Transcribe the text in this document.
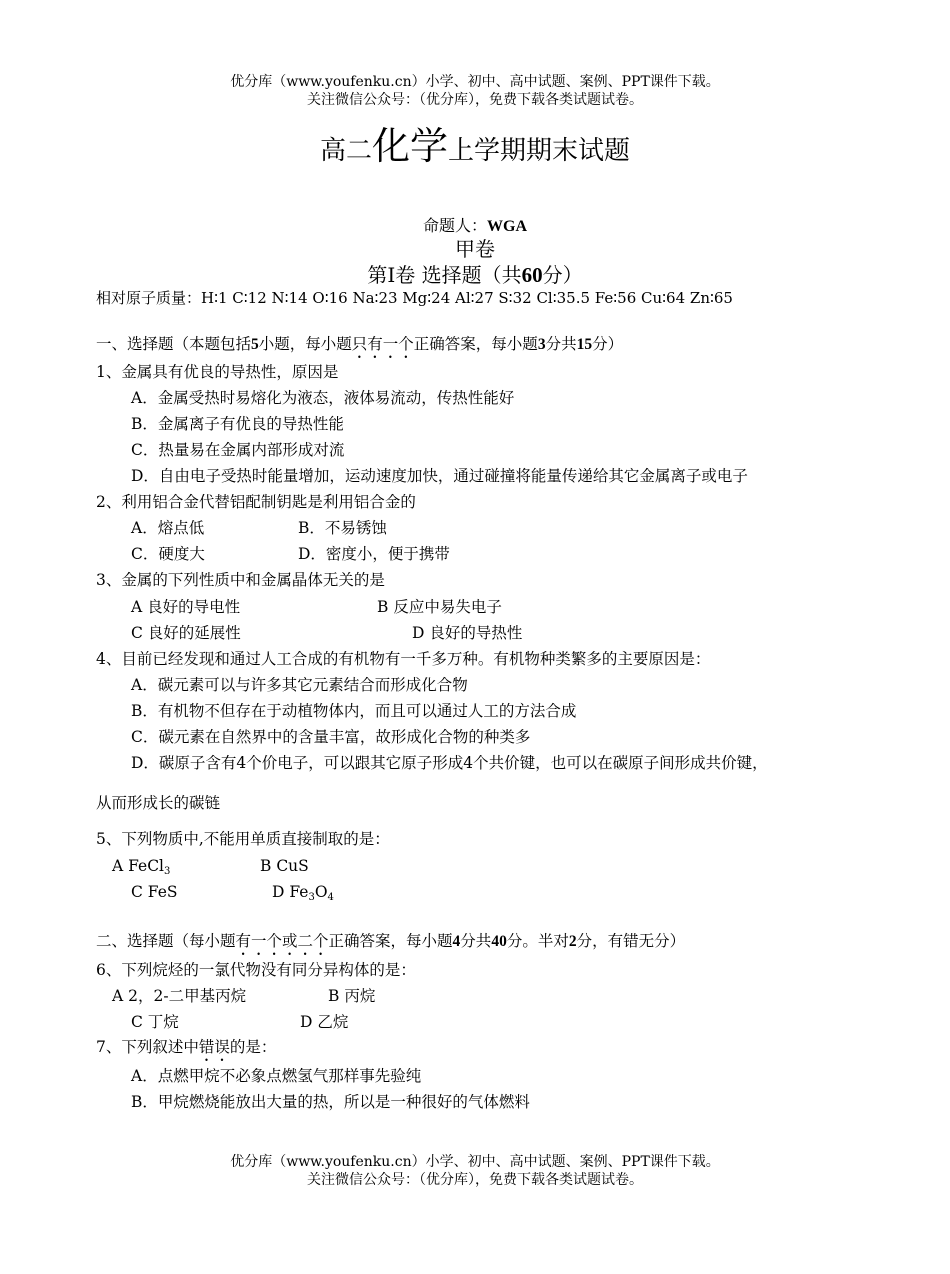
优分库（www.youfenku.cn）小学、初中、高中试题、案例、PPT课件下载。
关注微信公众号：（优分库），免费下载各类试题试卷。
高二化学上学期期末试题
命题人：WGA
甲卷
第Ⅰ卷 选择题（共60分）
相对原子质量：H∶1 C∶12 N∶14 O∶16 Na∶23 Mg∶24 Al∶27 S∶32 Cl∶35.5 Fe∶56 Cu∶64 Zn∶65
一、选择题（本题包括5小题，每小题只有一个正确答案，每小题3分共15分）
1、金属具有优良的导热性，原因是
A．金属受热时易熔化为液态，液体易流动，传热性能好
B．金属离子有优良的导热性能
C．热量易在金属内部形成对流
D．自由电子受热时能量增加，运动速度加快，通过碰撞将能量传递给其它金属离子或电子
2、利用铝合金代替铝配制钥匙是利用铝合金的
A．熔点低	B．不易锈蚀
C．硬度大	D．密度小，便于携带
3、金属的下列性质中和金属晶体无关的是
A 良好的导电性	B 反应中易失电子
C 良好的延展性	D 良好的导热性
4、目前已经发现和通过人工合成的有机物有一千多万种。有机物种类繁多的主要原因是：
A．碳元素可以与许多其它元素结合而形成化合物
B．有机物不但存在于动植物体内，而且可以通过人工的方法合成
C．碳元素在自然界中的含量丰富，故形成化合物的种类多
D．碳原子含有4个价电子，可以跟其它原子形成4个共价键，也可以在碳原子间形成共价键，
从而形成长的碳链
5、下列物质中,不能用单质直接制取的是：
A FeCl$_3$	B CuS
C FeS	D $Fe_3O_4$
二、选择题（每小题有一个或二个正确答案，每小题4分共40分。半对2分，有错无分）
6、下列烷烃的一氯代物没有同分异构体的是：
A 2，2-二甲基丙烷	B 丙烷
C 丁烷	D 乙烷
7、下列叙述中错误的是：
A．点燃甲烷不必象点燃氢气那样事先验纯
B．甲烷燃烧能放出大量的热，所以是一种很好的气体燃料
优分库（www.youfenku.cn）小学、初中、高中试题、案例、PPT课件下载。
关注微信公众号：（优分库），免费下载各类试题试卷。
